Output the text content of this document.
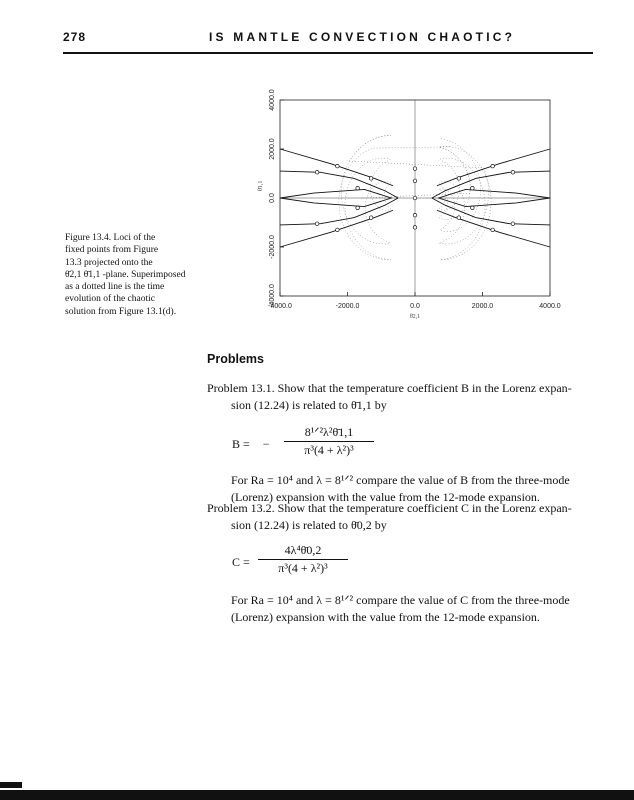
278	IS MANTLE CONVECTION CHAOTIC?
Figure 13.4. Loci of the
fixed points from Figure
13.3 projected onto the
θ̄2,1 θ̄1,1 -plane. Superimposed
as a dotted line is the time
evolution of the chaotic
solution from Figure 13.1(d).
-4000.0	-2000.0	0.0	2000.0	4000.0
θ̄2,1
-4000.0
-2000.0
0.0
2000.0
4000.0
θ̄1,1
Problems
Problem 13.1. Show that the temperature coefficient B in the Lorenz expan-
sion (12.24) is related to θ̄1,1 by
B = −
8¹ᐟ²λ²θ̄1,1
π³(4 + λ²)³
For Ra = 10⁴ and λ = 8¹ᐟ² compare the value of B from the three-mode
(Lorenz) expansion with the value from the 12-mode expansion.
Problem 13.2. Show that the temperature coefficient C in the Lorenz expan-
sion (12.24) is related to θ̄0,2 by
C =
4λ⁴θ̄0,2
π³(4 + λ²)³
For Ra = 10⁴ and λ = 8¹ᐟ² compare the value of C from the three-mode
(Lorenz) expansion with the value from the 12-mode expansion.
